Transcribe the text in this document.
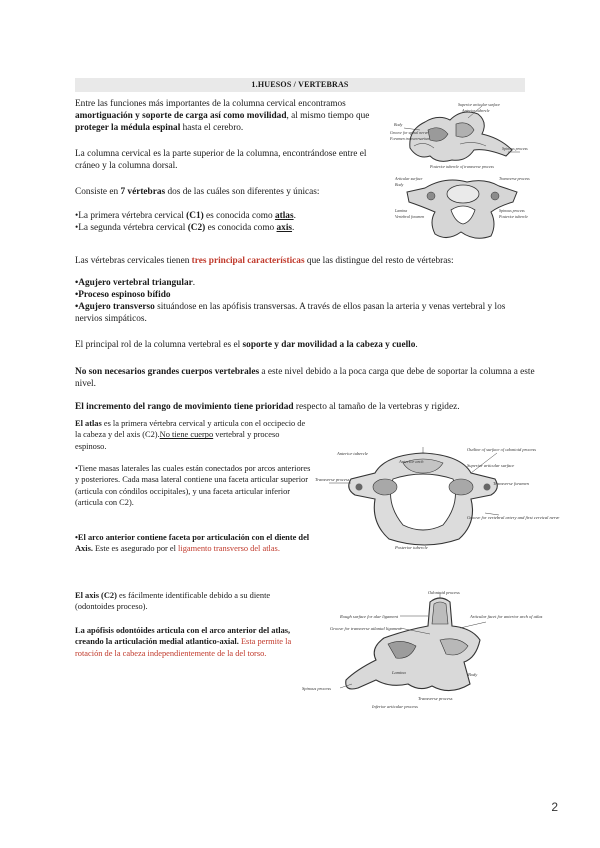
1.HUESOS / VERTEBRAS
Entre las funciones más importantes de la columna cervical encontramos amortiguación y soporte de carga así como movilidad, al mismo tiempo que proteger la médula espinal hasta el cerebro.
La columna cervical es la parte superior de la columna, encontrándose entre el cráneo y la columna dorsal.
Consiste en 7 vértebras dos de las cuáles son diferentes y únicas:
•La primera vértebra cervical (C1) es conocida como atlas.
•La segunda vértebra cervical (C2) es conocida como axis.
Superior articular surface
Anterior tubercle
Body
Groove for spinal nerve
Foramen transversarium
Spinous process
Posterior tubercle of transverse process
Articular surface
Body
Lamina
Transverse process
Spinous process
Posterior tubercle
Vertebral foramen
Las vértebras cervicales tienen tres principal características que las distingue del resto de vértebras:
•Agujero vertebral triangular.
•Proceso espinoso bífido
•Agujero transverso situándose en las apófisis transversas. A través de ellos pasan la arteria y venas vertebral y los nervios simpáticos.
El principal rol de la columna vertebral es el soporte y dar movilidad a la cabeza y cuello.
No son necesarios grandes cuerpos vertebrales a este nivel debido a la poca carga que debe de soportar la columna a este nivel.
El incremento del rango de movimiento tiene prioridad respecto al tamaño de la vertebras y rigidez.
El atlas es la primera vértebra cervical y articula con el occipecio de la cabeza y del axis (C2).No tiene cuerpo vertebral y proceso espinoso.
•Tiene masas laterales las cuales están conectados por arcos anteriores y posteriores. Cada masa lateral contiene una faceta articular superior (articula con cóndilos occipitales), y una faceta articular inferior (articula con C2).
•El arco anterior contiene faceta por articulación con el diente del Axis. Este es asegurado por el ligamento transverso del atlas.
Anterior tubercle
Outline of surface of odontoid process
Anterior arch
Transverse process
Transverse foramen
Groove for vertebral artery and first cervical nerve
Posterior tubercle
Superior articular surface
El axis (C2) es fácilmente identificable debido a su diente (odontoides proceso).
La apófisis odontóides articula con el arco anterior del atlas, creando la articulación medial atlantico-axial. Esta permite la rotación de la cabeza independientemente de la del torso.
Odontoid process
Rough surface for alar ligament
Groove for transverse atlantal ligament
Articular facet for anterior arch of atlas
Lamina	Body
Spinous process
Transverse process
Inferior articular process
2
